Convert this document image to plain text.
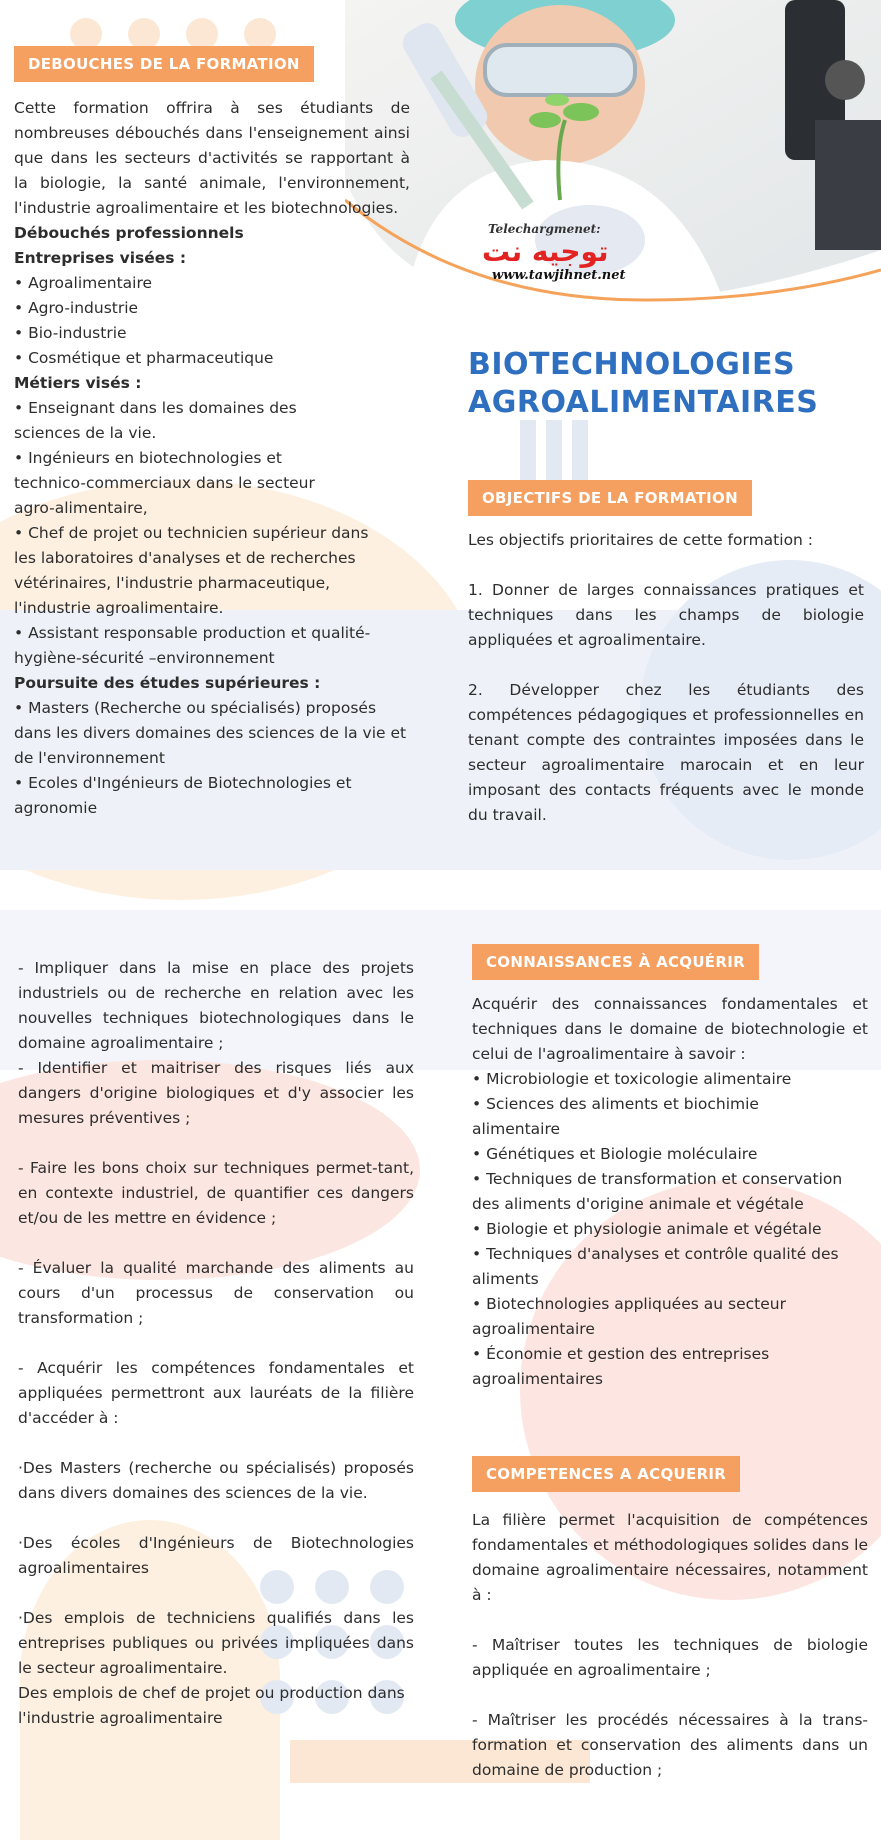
Telechargmenet:
توجيه نت
www.tawjihnet.net
DEBOUCHES DE LA FORMATION

Cette formation offrira à ses étudiants de nombreuses débouchés dans l'enseignement ainsi que dans les secteurs d'activités se rapportant à la biologie, la santé animale, l'environnement, l'industrie agroalimentaire et les biotechnologies.

Débouchés professionnels

Entreprises visées :

• Agroalimentaire

• Agro-industrie

• Bio-industrie

• Cosmétique et pharmaceutique

Métiers visés :

• Enseignant dans les domaines des sciences de la vie.

• Ingénieurs en biotechnologies et technico-commerciaux dans le secteur agro-alimentaire,

• Chef de projet ou technicien supérieur dans les laboratoires d'analyses et de recherches vétérinaires, l'industrie pharmaceutique, l'industrie agroalimentaire.

• Assistant responsable production et qualité-hygiène-sécurité –environnement

Poursuite des études supérieures :

• Masters (Recherche ou spécialisés) proposés dans les divers domaines des sciences de la vie et de l'environnement

• Ecoles d'Ingénieurs de Biotechnologies et agronomie

BIOTECHNOLOGIES
AGROALIMENTAIRES
OBJECTIFS DE LA FORMATION

Les objectifs prioritaires de cette formation :

1. Donner de larges connaissances pratiques et techniques dans les champs de biologie appliquées et agroalimentaire.

2. Développer chez les étudiants des compétences pédagogiques et professionnelles en tenant compte des contraintes imposées dans le secteur agroalimentaire marocain et en leur imposant des contacts fréquents avec le monde du travail.

- Impliquer dans la mise en place des projets industriels ou de recherche en relation avec les nouvelles techniques biotechnologiques dans le domaine agroalimentaire ;

- Identifier et maitriser des risques liés aux dangers d'origine biologiques et d'y associer les mesures préventives ;

- Faire les bons choix sur techniques permet-tant, en contexte industriel, de quantifier ces dangers et/ou de les mettre en évidence ;

- Évaluer la qualité marchande des aliments au cours d'un processus de conservation ou transformation ;

- Acquérir les compétences fondamentales et appliquées permettront aux lauréats de la filière d'accéder à :

·Des Masters (recherche ou spécialisés) proposés dans divers domaines des sciences de la vie.

·Des écoles d'Ingénieurs de Biotechnologies agroalimentaires

·Des emplois de techniciens qualifiés dans les entreprises publiques ou privées impliquées dans le secteur agroalimentaire.

Des emplois de chef de projet ou production dans l'industrie agroalimentaire

CONNAISSANCES À ACQUÉRIR

Acquérir des connaissances fondamentales et techniques dans le domaine de biotechnologie et celui de l'agroalimentaire à savoir :

• Microbiologie et toxicologie alimentaire

• Sciences des aliments et biochimie alimentaire

• Génétiques et Biologie moléculaire

• Techniques de transformation et conservation des aliments d'origine animale et végétale

• Biologie et physiologie animale et végétale

• Techniques d'analyses et contrôle qualité des aliments

• Biotechnologies appliquées au secteur agroalimentaire

• Économie et gestion des entreprises agroalimentaires

COMPETENCES A ACQUERIR

La filière permet l'acquisition de compétences fondamentales et méthodologiques solides dans le domaine agroalimentaire nécessaires, notamment à :

- Maîtriser toutes les techniques de biologie appliquée en agroalimentaire ;

- Maîtriser les procédés nécessaires à la trans-formation et conservation des aliments dans un domaine de production ;
